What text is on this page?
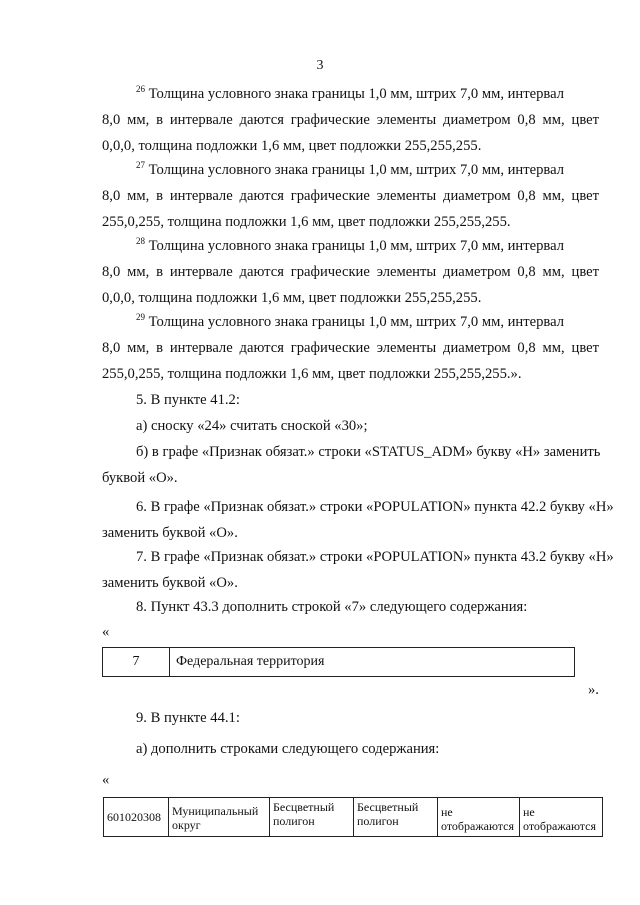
3
$^{26}$ Толщина условного знака границы 1,0 мм, штрих 7,0 мм, интервал
8,0 мм, в интервале даются графические элементы диаметром 0,8 мм, цвет 0,0,0, толщина подложки 1,6 мм, цвет подложки 255,255,255.
$^{27}$ Толщина условного знака границы 1,0 мм, штрих 7,0 мм, интервал
8,0 мм, в интервале даются графические элементы диаметром 0,8 мм, цвет 255,0,255, толщина подложки 1,6 мм, цвет подложки 255,255,255.
$^{28}$ Толщина условного знака границы 1,0 мм, штрих 7,0 мм, интервал
8,0 мм, в интервале даются графические элементы диаметром 0,8 мм, цвет 0,0,0, толщина подложки 1,6 мм, цвет подложки 255,255,255.
$^{29}$ Толщина условного знака границы 1,0 мм, штрих 7,0 мм, интервал
8,0 мм, в интервале даются графические элементы диаметром 0,8 мм, цвет 255,0,255, толщина подложки 1,6 мм, цвет подложки 255,255,255.».
5. В пункте 41.2:
а) сноску «24» считать сноской «30»;
б) в графе «Признак обязат.» строки «STATUS_ADM» букву «Н» заменить
буквой «О».
6. В графе «Признак обязат.» строки «POPULATION» пункта 42.2 букву «Н»
заменить буквой «О».
7. В графе «Признак обязат.» строки «POPULATION» пункта 43.2 букву «Н»
заменить буквой «О».
8. Пункт 43.3 дополнить строкой «7» следующего содержания:
«
7	Федеральная территория
».
9. В пункте 44.1:
а) дополнить строками следующего содержания:
«
601020308 Муниципальный округ
Бесцветный полигон
Бесцветный полигон
не отображаются
не отображаются
